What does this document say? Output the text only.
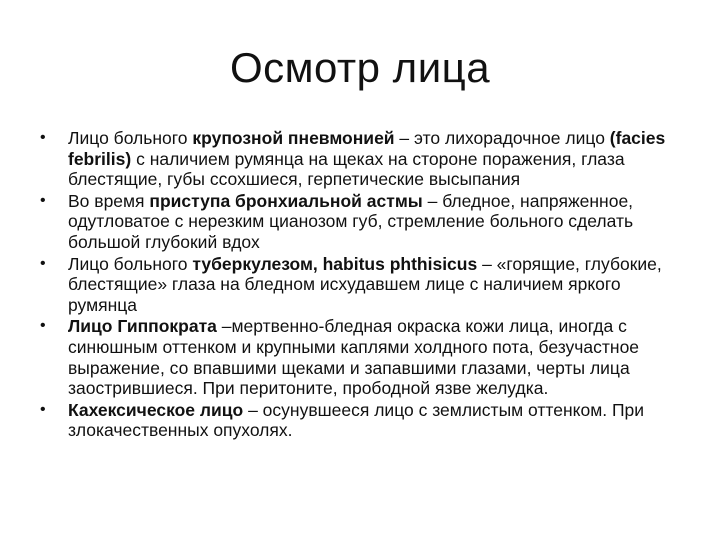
Осмотр лица
• Лицо больного крупозной пневмонией – это лихорадочное лицо (facies febrilis) с наличием румянца на щеках на стороне поражения, глаза блестящие, губы ссохшиеся, герпетические высыпания
• Во время приступа бронхиальной астмы – бледное, напряженное, одутловатое с нерезким цианозом губ, стремление больного сделать большой глубокий вдох
• Лицо больного туберкулезом, habitus phthisicus – «горящие, глубокие, блестящие» глаза на бледном исхудавшем лице с наличием яркого румянца
• Лицо Гиппократа –мертвенно-бледная окраска кожи лица, иногда с синюшным оттенком и крупными каплями холдного пота, безучастное выражение, со впавшими щеками и запавшими глазами, черты лица заострившиеся. При перитоните, прободной язве желудка.
• Кахексическое лицо – осунувшееся лицо с землистым оттенком. При злокачественных опухолях.
